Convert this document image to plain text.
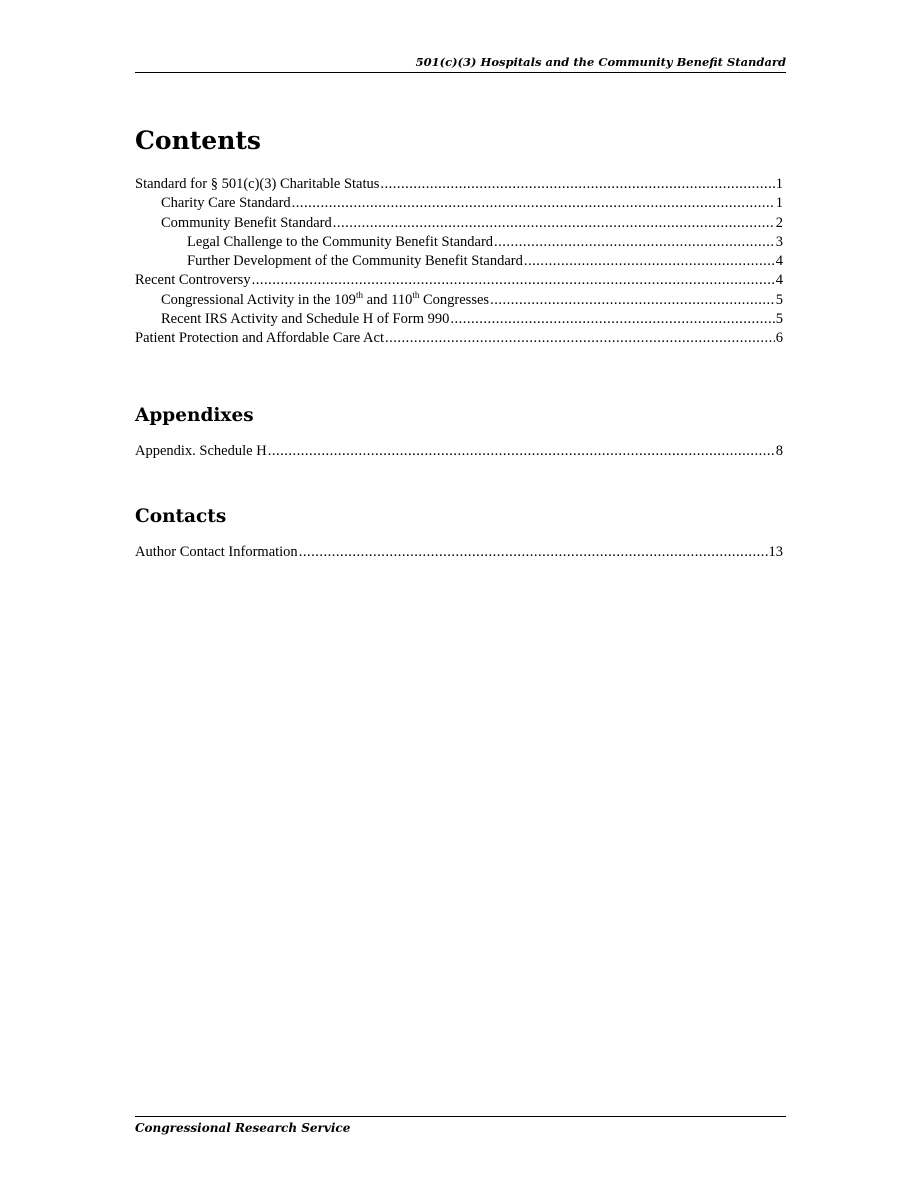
501(c)(3) Hospitals and the Community Benefit Standard
Contents
Standard for § 501(c)(3) Charitable Status .....	1
Charity Care Standard .....	1
Community Benefit Standard .....	2
Legal Challenge to the Community Benefit Standard .....	3
Further Development of the Community Benefit Standard .....	4
Recent Controversy .....	4
Congressional Activity in the 109th and 110th Congresses .....	5
Recent IRS Activity and Schedule H of Form 990 .....	5
Patient Protection and Affordable Care Act .....	6
Appendixes
Appendix. Schedule H .....	8
Contacts
Author Contact Information .....	13
Congressional Research Service
